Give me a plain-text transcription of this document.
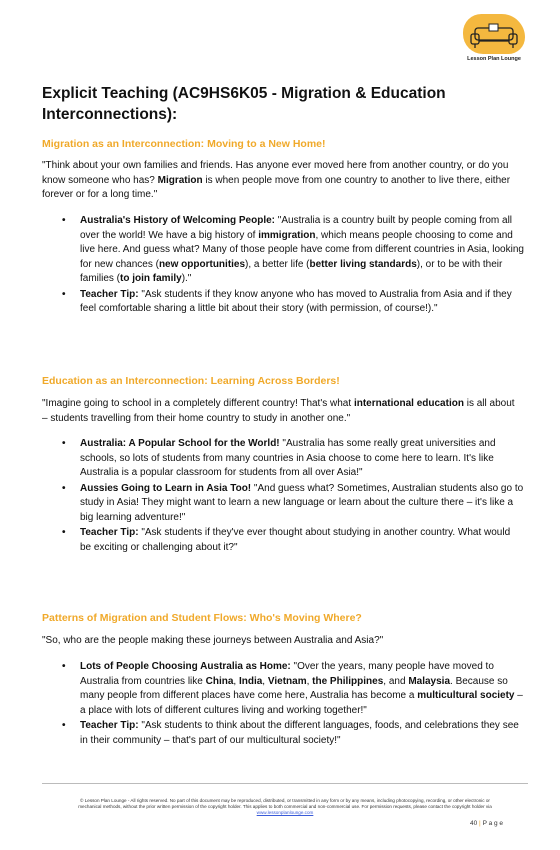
Lesson Plan Lounge
Explicit Teaching (AC9HS6K05 - Migration & Education
Interconnections):
Migration as an Interconnection: Moving to a New Home!
"Think about your own families and friends. Has anyone ever moved here from another country, or do you know someone who has? Migration is when people move from one country to another to live there, either forever or for a long time."
• Australia's History of Welcoming People: "Australia is a country built by people coming from all over the world! We have a big history of immigration, which means people choosing to come and live here. And guess what? Many of those people have come from different countries in Asia, looking for new chances (new opportunities), a better life (better living standards), or to be with their families (to join family)."
• Teacher Tip: "Ask students if they know anyone who has moved to Australia from Asia and if they feel comfortable sharing a little bit about their story (with permission, of course!)."
Education as an Interconnection: Learning Across Borders!
"Imagine going to school in a completely different country! That's what international education is all about – students travelling from their home country to study in another one."
• Australia: A Popular School for the World! "Australia has some really great universities and schools, so lots of students from many countries in Asia choose to come here to learn. It's like Australia is a popular classroom for students from all over Asia!"
• Aussies Going to Learn in Asia Too! "And guess what? Sometimes, Australian students also go to study in Asia! They might want to learn a new language or learn about the culture there – it's like a big learning adventure!"
• Teacher Tip: "Ask students if they've ever thought about studying in another country. What would be exciting or challenging about it?"
Patterns of Migration and Student Flows: Who's Moving Where?
"So, who are the people making these journeys between Australia and Asia?"
• Lots of People Choosing Australia as Home: "Over the years, many people have moved to Australia from countries like China, India, Vietnam, the Philippines, and Malaysia. Because so many people from different places have come here, Australia has become a multicultural society – a place with lots of different cultures living and working together!"
• Teacher Tip: "Ask students to think about the different languages, foods, and celebrations they see in their community – that's part of our multicultural society!"
© Lesson Plan Lounge - All rights reserved. No part of this document may be reproduced, distributed, or transmitted in any form or by any means, including photocopying, recording, or other electronic or
mechanical methods, without the prior written permission of the copyright holder. This applies to both commercial and non-commercial use. For permission requests, please contact the copyright holder via
www.lessonplanlounge.com
40 | P a g e
